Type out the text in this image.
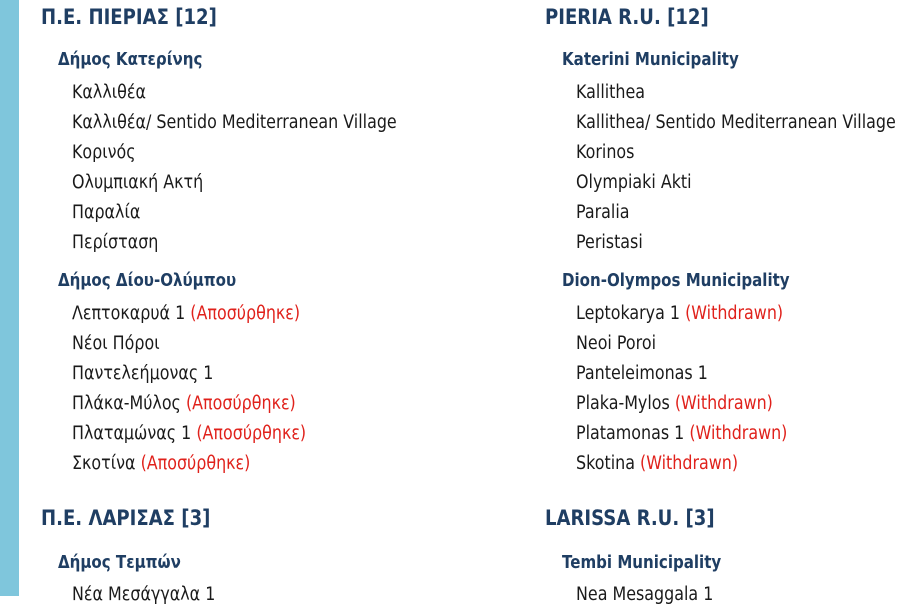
Π.Ε. ΠΙΕΡΙΑΣ [12]
Δήμος Κατερίνης
Καλλιθέα
Καλλιθέα/ Sentido Mediterranean Village
Κορινός
Ολυμπιακή Ακτή
Παραλία
Περίσταση
Δήμος Δίου-Ολύμπου
Λεπτοκαρυά 1 (Αποσύρθηκε)
Νέοι Πόροι
Παντελεήμονας 1
Πλάκα-Μύλος (Αποσύρθηκε)
Πλαταμώνας 1 (Αποσύρθηκε)
Σκοτίνα (Αποσύρθηκε)
Π.Ε. ΛΑΡΙΣΑΣ [3]
Δήμος Τεμπών
Νέα Μεσάγγαλα 1
PIERIA R.U. [12]
Katerini Municipality
Kallithea
Kallithea/ Sentido Mediterranean Village
Korinos
Olympiaki Akti
Paralia
Peristasi
Dion-Olympos Municipality
Leptokarya 1 (Withdrawn)
Neoi Poroi
Panteleimonas 1
Plaka-Mylos (Withdrawn)
Platamonas 1 (Withdrawn)
Skotina (Withdrawn)
LARISSA R.U. [3]
Tembi Municipality
Nea Mesaggala 1
